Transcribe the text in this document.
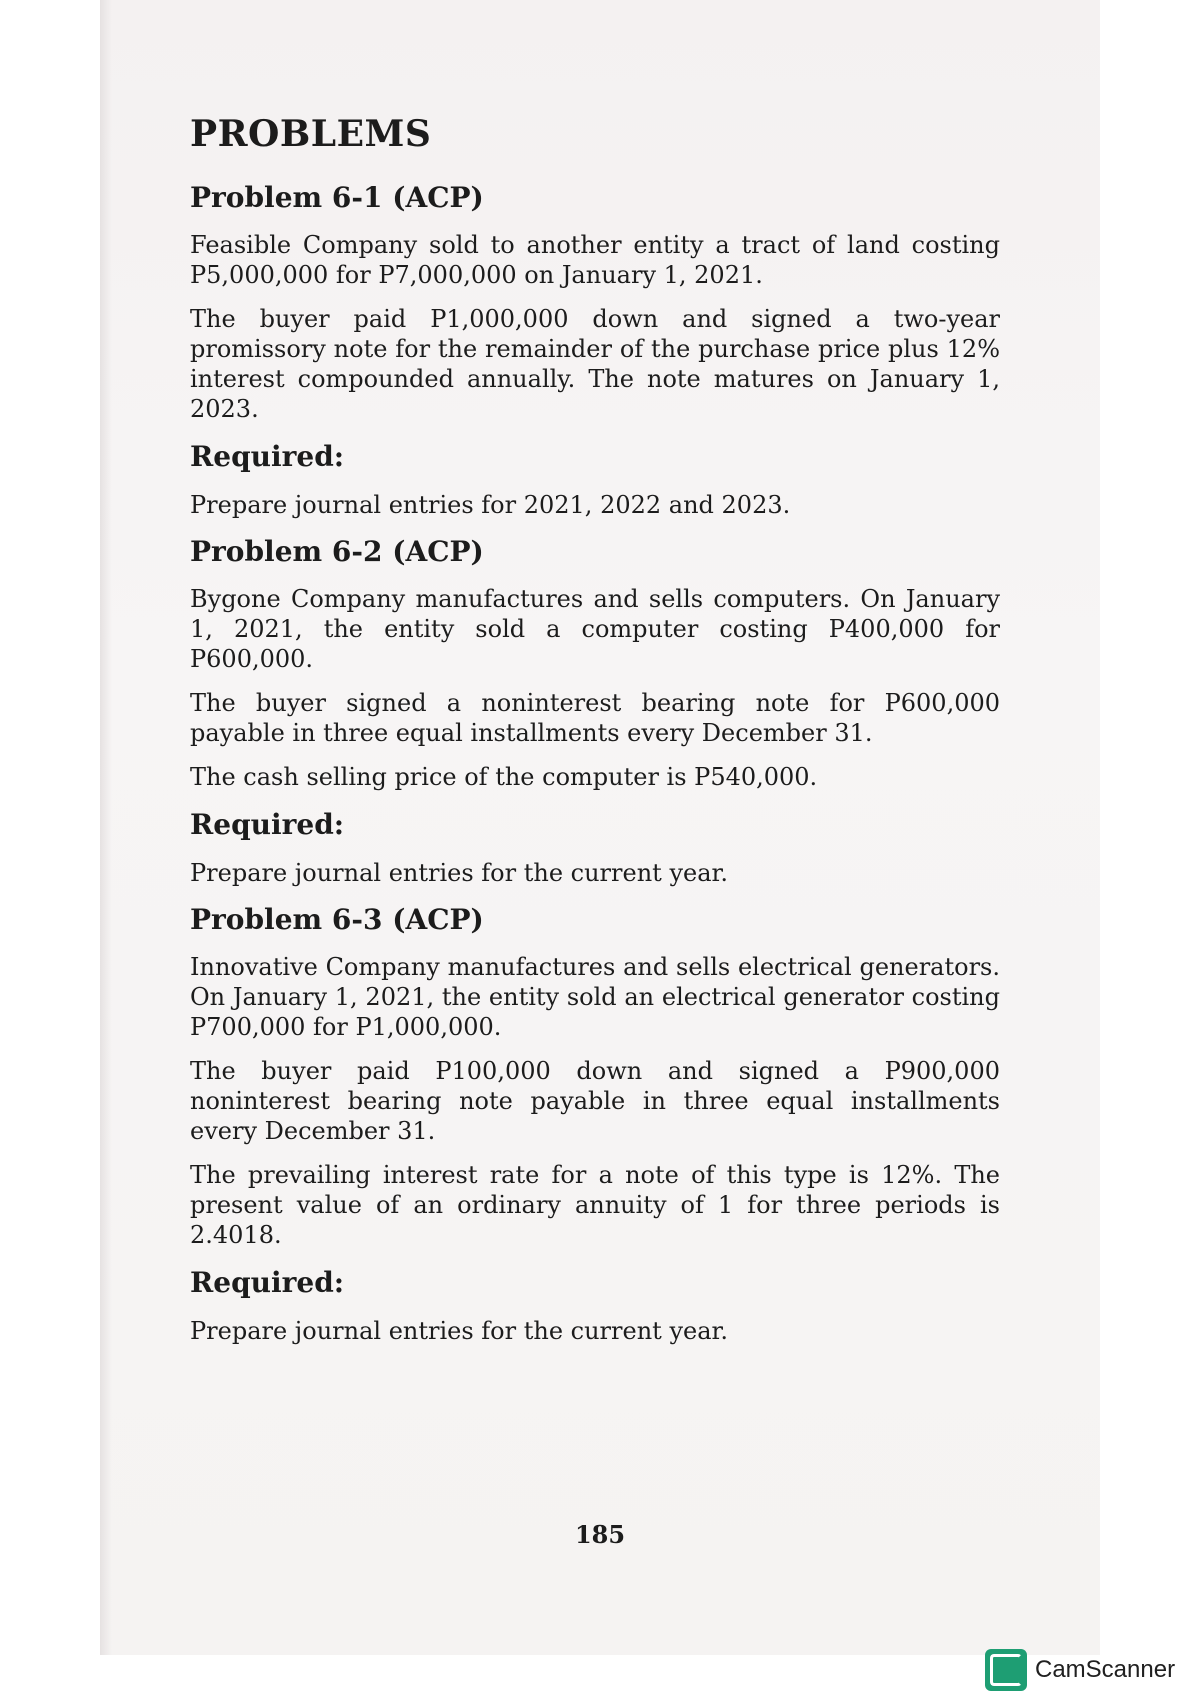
PROBLEMS
Problem 6-1 (ACP)

Feasible Company sold to another entity a tract of land costing P5,000,000 for P7,000,000 on January 1, 2021.

The buyer paid P1,000,000 down and signed a two-year promissory note for the remainder of the purchase price plus 12% interest compounded annually. The note matures on January 1, 2023.

Required:

Prepare journal entries for 2021, 2022 and 2023.

Problem 6-2 (ACP)

Bygone Company manufactures and sells computers. On January 1, 2021, the entity sold a computer costing P400,000 for P600,000.

The buyer signed a noninterest bearing note for P600,000 payable in three equal installments every December 31.

The cash selling price of the computer is P540,000.

Required:

Prepare journal entries for the current year.

Problem 6-3 (ACP)

Innovative Company manufactures and sells electrical generators. On January 1, 2021, the entity sold an electrical generator costing P700,000 for P1,000,000.

The buyer paid P100,000 down and signed a P900,000 noninterest bearing note payable in three equal installments every December 31.

The prevailing interest rate for a note of this type is 12%. The present value of an ordinary annuity of 1 for three periods is 2.4018.

Required:

Prepare journal entries for the current year.

185
CamScanner
